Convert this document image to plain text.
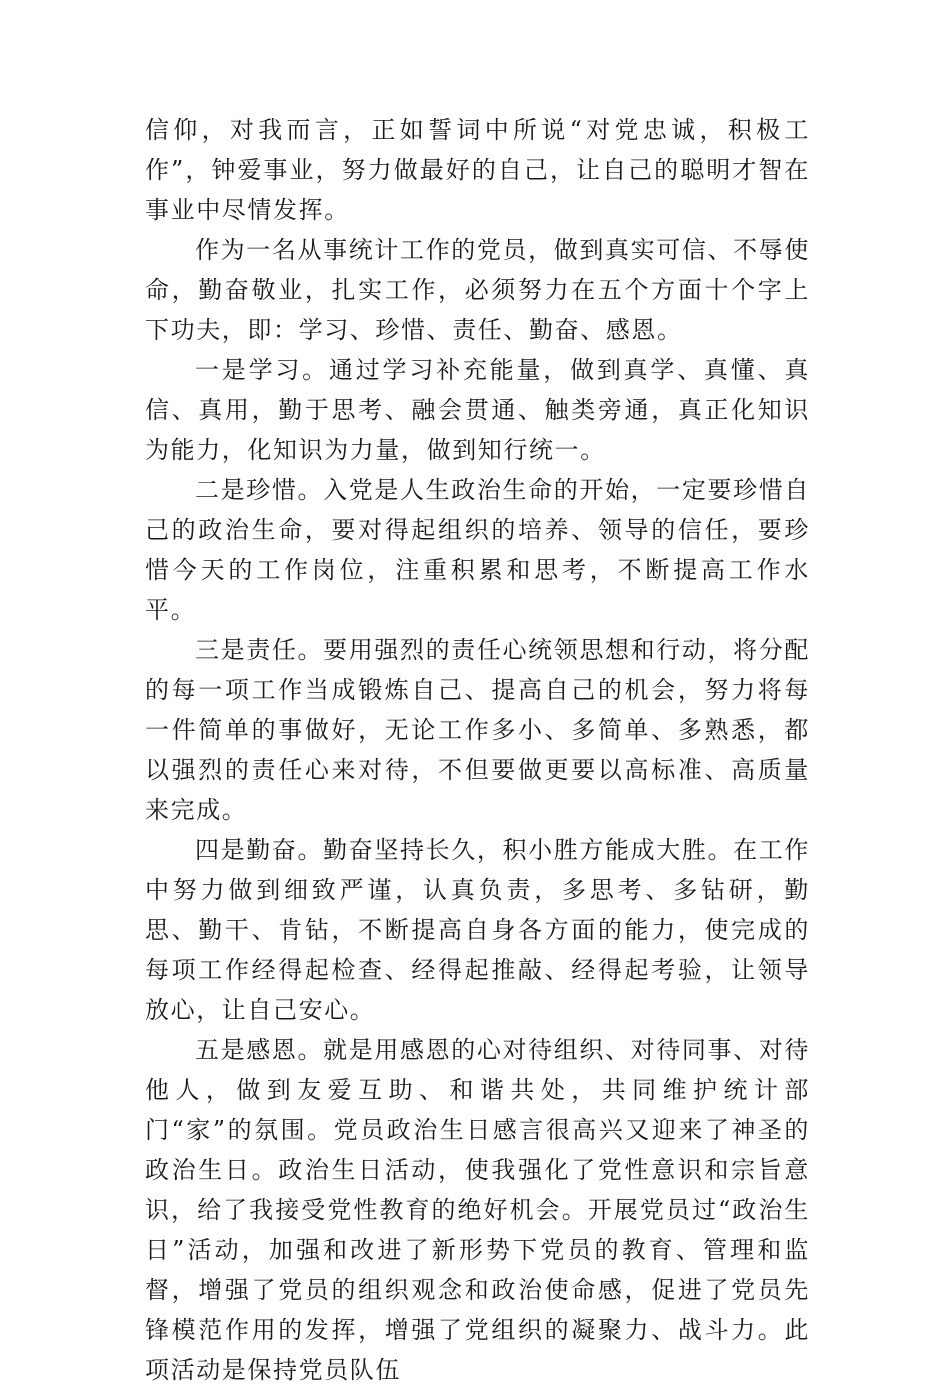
信仰，对我而言，正如誓词中所说“对党忠诚，积极工作”，钟爱事业，努力做最好的自己，让自己的聪明才智在事业中尽情发挥。

作为一名从事统计工作的党员，做到真实可信、不辱使命，勤奋敬业，扎实工作，必须努力在五个方面十个字上下功夫，即：学习、珍惜、责任、勤奋、感恩。

一是学习。通过学习补充能量，做到真学、真懂、真信、真用，勤于思考、融会贯通、触类旁通，真正化知识为能力，化知识为力量，做到知行统一。

二是珍惜。入党是人生政治生命的开始，一定要珍惜自己的政治生命，要对得起组织的培养、领导的信任，要珍惜今天的工作岗位，注重积累和思考，不断提高工作水平。

三是责任。要用强烈的责任心统领思想和行动，将分配的每一项工作当成锻炼自己、提高自己的机会，努力将每一件简单的事做好，无论工作多小、多简单、多熟悉，都以强烈的责任心来对待，不但要做更要以高标准、高质量来完成。

四是勤奋。勤奋坚持长久，积小胜方能成大胜。在工作中努力做到细致严谨，认真负责，多思考、多钻研，勤思、勤干、肯钻，不断提高自身各方面的能力，使完成的每项工作经得起检查、经得起推敲、经得起考验，让领导放心，让自己安心。

五是感恩。就是用感恩的心对待组织、对待同事、对待他人，做到友爱互助、和谐共处，共同维护统计部门“家”的氛围。党员政治生日感言很高兴又迎来了神圣的政治生日。政治生日活动，使我强化了党性意识和宗旨意识，给了我接受党性教育的绝好机会。开展党员过“政治生日”活动，加强和改进了新形势下党员的教育、管理和监督，增强了党员的组织观念和政治使命感，促进了党员先锋模范作用的发挥，增强了党组织的凝聚力、战斗力。此项活动是保持党员队伍
